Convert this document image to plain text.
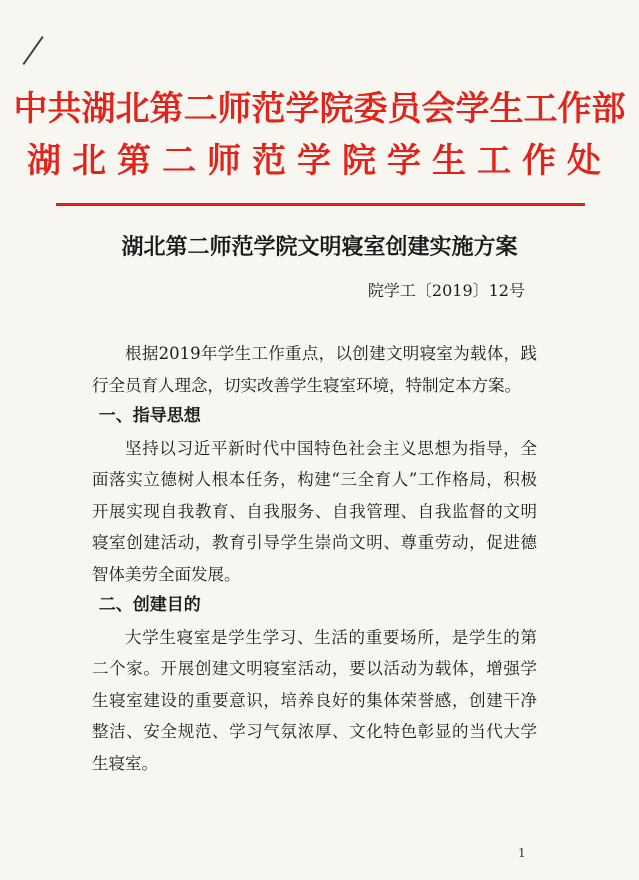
中共湖北第二师范学院委员会学生工作部
湖北第二师范学院学生工作处
湖北第二师范学院文明寝室创建实施方案
院学工〔2019〕12号

根据2019年学生工作重点，以创建文明寝室为载体，践行全员育人理念，切实改善学生寝室环境，特制定本方案。

一、指导思想

坚持以习近平新时代中国特色社会主义思想为指导，全面落实立德树人根本任务，构建“三全育人”工作格局，积极开展实现自我教育、自我服务、自我管理、自我监督的文明寝室创建活动，教育引导学生崇尚文明、尊重劳动，促进德智体美劳全面发展。

二、创建目的

大学生寝室是学生学习、生活的重要场所，是学生的第二个家。开展创建文明寝室活动，要以活动为载体，增强学生寝室建设的重要意识，培养良好的集体荣誉感，创建干净整洁、安全规范、学习气氛浓厚、文化特色彰显的当代大学生寝室。

1
